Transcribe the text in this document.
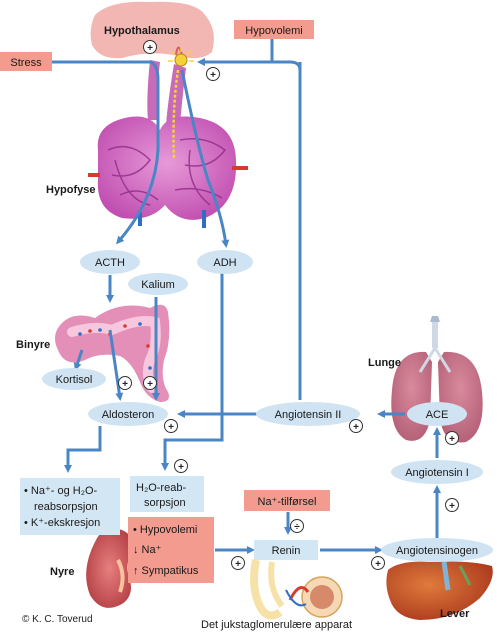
Stress
Hypovolemi
Na⁺-tilførsel
ACTH	ADH
Kalium
Kortisol
Aldosteron	Angiotensin II	ACE
Angiotensin I
Angiotensinogen
Renin
• Na⁺- og H₂O-
reabsorpsjon
• K⁺-ekskresjon
H₂O-reab-
sorpsjon
• Hypovolemi
↓ Na⁺
↑ Sympatikus
Hypothalamus
Hypofyse
Binyre
Nyre
Lunge
Lever
Det jukstaglomerulære apparat
© K. C. Toverud
+
+
+ +
+
+
+
+
+
+	+
÷
